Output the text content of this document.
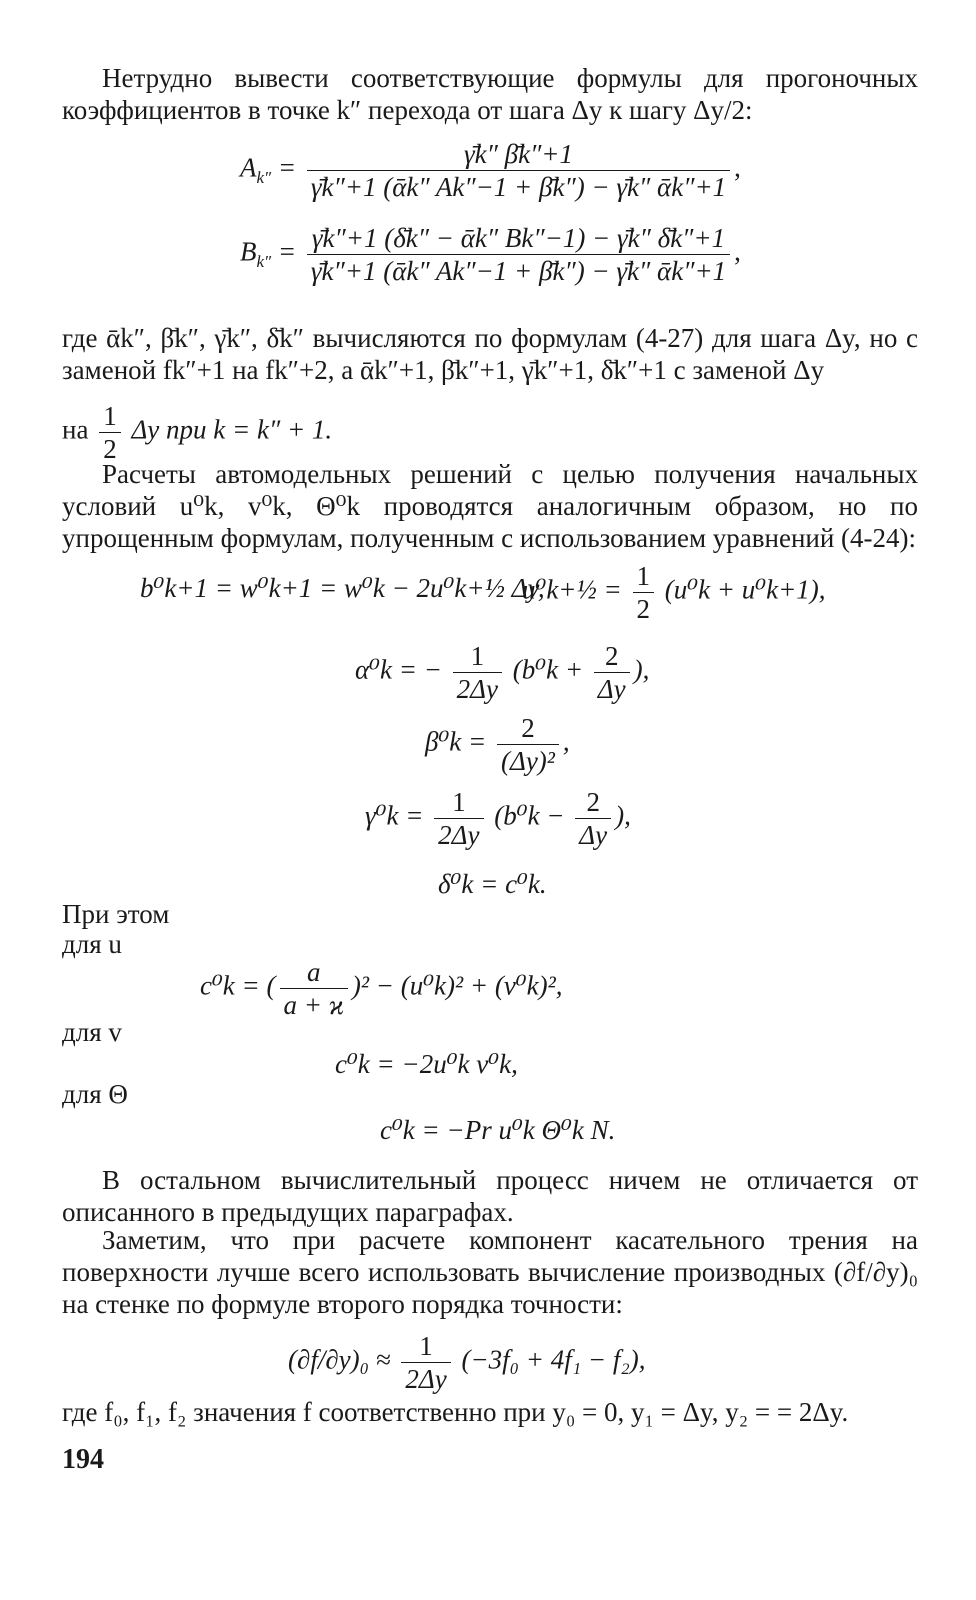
Нетрудно вывести соответствующие формулы для прогоночных коэффициентов в точке k″ перехода от шага Δy к шагу Δy/2:

$A_{k''} = \frac{\gammāk'' \betāk''+1}{\text{γ̄k″+1 (ᾱk″ Ak″−1 + β̄k″) − γ̄k″ ᾱk″+1}}$ ,
$B_{k''} = \frac{\text{γ̄k″+1 (δ̄k″ − ᾱk″ Bk″−1) − γ̄k″ δ̄k″+1}}{\text{γ̄k″+1 (ᾱk″ Ak″−1 + β̄k″) − γ̄k″ ᾱk″+1}}$ ,

где ᾱk″, β̄k″, γ̄k″, δ̄k″ вычисляются по формулам (4-27) для шага Δy, но с заменой fk″+1 на fk″+2, а ᾱk″+1, β̄k″+1, γ̄k″+1, δ̄k″+1 с заменой Δy

на $\frac{1}{2}$ Δy при k = k″ + 1.

Расчеты автомодельных решений с целью получения начальных условий u⁰k, v⁰k, Θ⁰k проводятся аналогичным образом, но по упрощенным формулам, полученным с использованием уравнений (4-24):

b⁰k+1 = w⁰k+1 = w⁰k − 2u⁰k+½ Δy,
u⁰k+½ = $\frac{1}{2} (u^0k + u^0k+1)$,
α⁰k = − $\frac{1}{2\Delta y} (b^0k + \frac{2}{\Delta y}$ ),
$\beta^0k = \frac{2}{\text{(Δy)²}}$ ,
$\gamma^0k = \frac{1}{2\Delta y} (b^0k - \frac{2}{\Delta y}$ ),
δ⁰k = c⁰k.
При этом
для u
c⁰k = ( $\frac{a}{a + ϰ} )^2 - (u^0k)^2 + (v^0k)^2$,
для v
c⁰k = −2u⁰k v⁰k,
для Θ
c⁰k = −Pr u⁰k Θ⁰k N.

В остальном вычислительный процесс ничем не отличается от описанного в предыдущих параграфах.

Заметим, что при расчете компонент касательного трения на поверхности лучше всего использовать вычисление производных (∂f/∂y)₀ на стенке по формуле второго порядка точности:

$(\partial f/\partial y)_0 \approx \frac{1}{2\Delta y} (-3f_0 + 4f_1 - f_2)$,

где f₀, f₁, f₂ значения f соответственно при y₀ = 0, y₁ = Δy, y₂ = = 2Δy.

194
